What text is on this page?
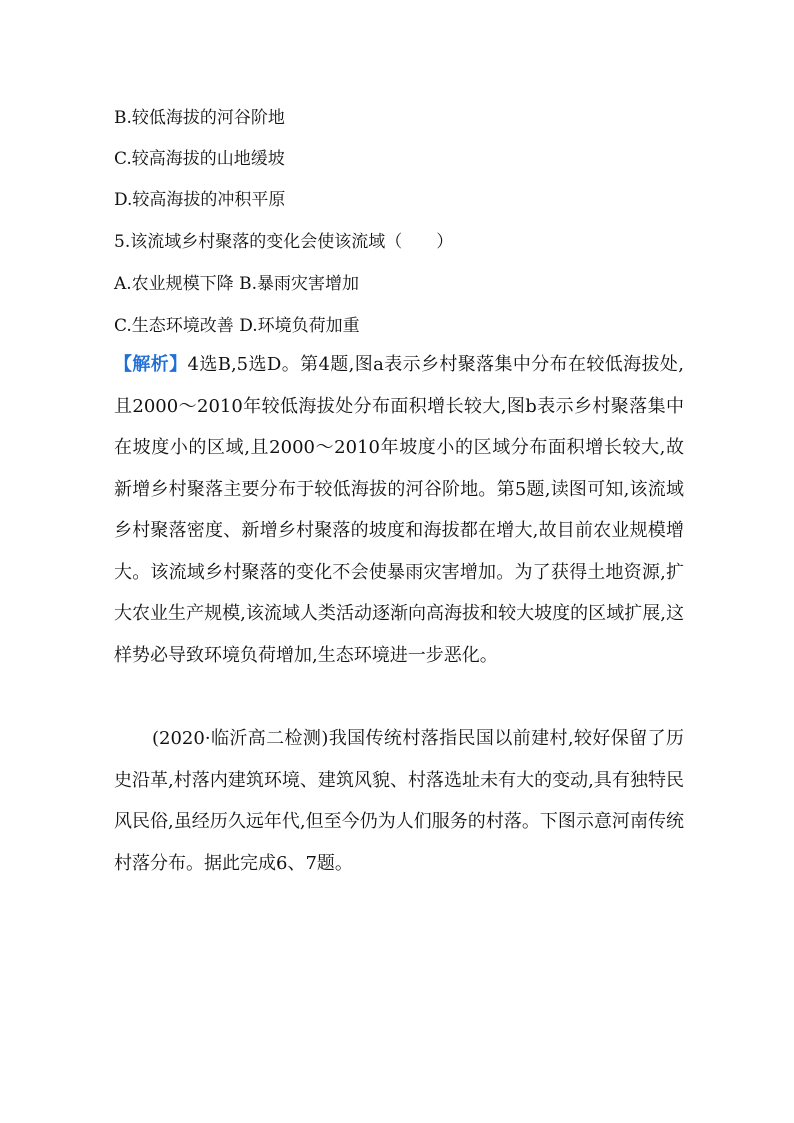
B.较低海拔的河谷阶地
C.较高海拔的山地缓坡
D.较高海拔的冲积平原
5.该流域乡村聚落的变化会使该流域（　　）
A.农业规模下降 B.暴雨灾害增加
C.生态环境改善 D.环境负荷加重

【解析】4选B,5选D。第4题,图a表示乡村聚落集中分布在较低海拔处,且2000～2010年较低海拔处分布面积增长较大,图b表示乡村聚落集中在坡度小的区域,且2000～2010年坡度小的区域分布面积增长较大,故新增乡村聚落主要分布于较低海拔的河谷阶地。第5题,读图可知,该流域乡村聚落密度、新增乡村聚落的坡度和海拔都在增大,故目前农业规模增大。该流域乡村聚落的变化不会使暴雨灾害增加。为了获得土地资源,扩大农业生产规模,该流域人类活动逐渐向高海拔和较大坡度的区域扩展,这样势必导致环境负荷增加,生态环境进一步恶化。

(2020·临沂高二检测)我国传统村落指民国以前建村,较好保留了历史沿革,村落内建筑环境、建筑风貌、村落选址未有大的变动,具有独特民风民俗,虽经历久远年代,但至今仍为人们服务的村落。下图示意河南传统村落分布。据此完成6、7题。
